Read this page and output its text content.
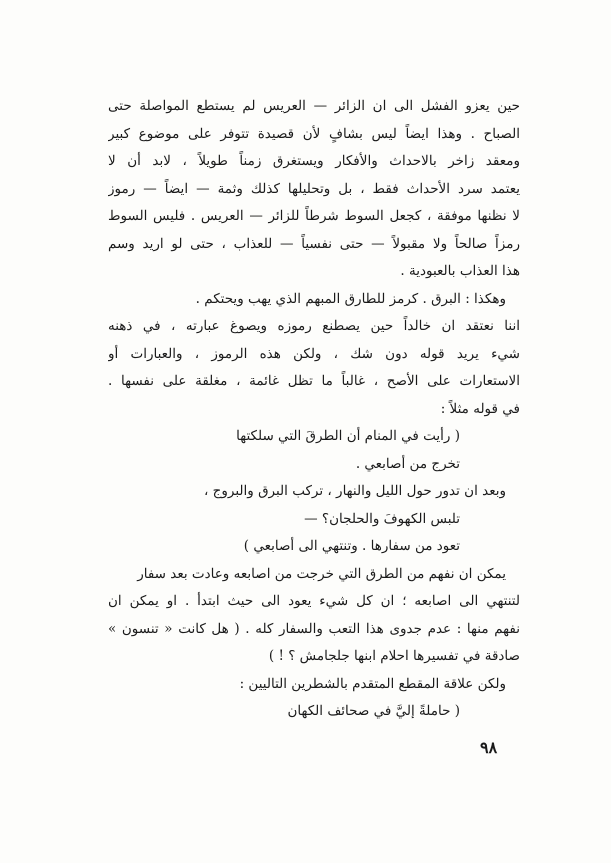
حين يعزو الفشل الى ان الزائر — العريس لم يستطع المواصلة حتى
الصباح . وهذا ايضاً ليس بشافٍ لأن قصيدة تتوفر على موضوع كبير
ومعقد زاخر بالاحداث والأفكار ويستغرق زمناً طويلاً ، لابد أن لا
يعتمد سرد الأحداث فقط ، بل وتحليلها كذلك وثمة — ايضاً — رموز
لا نظنها موفقة ، كجعل السوط شرطاً للزائر — العريس . فليس السوط
رمزاً صالحاً ولا مقبولاً — حتى نفسياً — للعذاب ، حتى لو اريد وسم
هذا العذاب بالعبودية .
وهكذا : البرق . كرمز للطارق المبهم الذي يهب ويحتكم .
اننا نعتقد ان خالداً حين يصطنع رموزه ويصوغ عبارته ، في ذهنه
شيء يريد قوله دون شك ، ولكن هذه الرموز ، والعبارات أو
الاستعارات على الأصح ، غالباً ما تظل غائمة ، مغلقة على نفسها .
في قوله مثلاً :
( رأيت في المنام أن الطرقَ التي سلكتها
تخرج من أصابعي .
وبعد ان تدور حول الليل والنهار ، تركب البرق والبروج ،
تلبس الكهوفَ والحلجان؟ —
تعود من سفارها . وتنتهي الى أصابعي )
يمكن ان نفهم من الطرق التي خرجت من اصابعه وعادت بعد سفار
لتنتهي الى اصابعه ؛ ان كل شيء يعود الى حيث ابتدأ . او يمكن ان
نفهم منها : عدم جدوى هذا التعب والسفار كله . ( هل كانت « تنسون »
صادقة في تفسيرها احلام ابنها جلجامش ؟ ! )
ولكن علاقة المقطع المتقدم بالشطرين التاليين :
( حاملةً إليَّ في صحائف الكهان
٩٨
